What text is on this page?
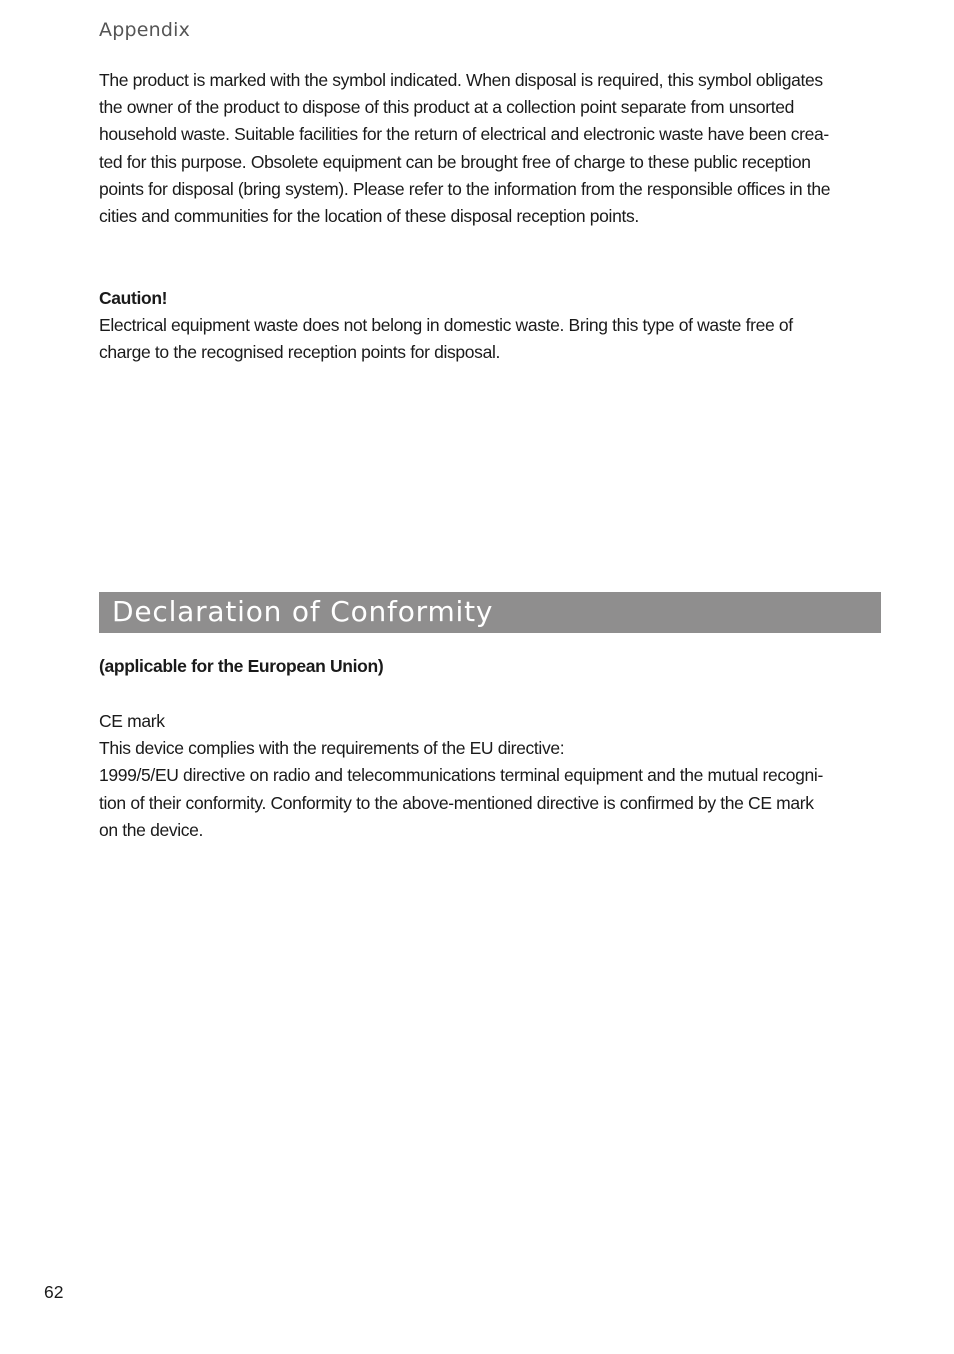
Appendix

The product is marked with the symbol indicated. When disposal is required, this symbol obligates
the owner of the product to dispose of this product at a collection point separate from unsorted
household waste. Suitable facilities for the return of electrical and electronic waste have been crea-
ted for this purpose. Obsolete equipment can be brought free of charge to these public reception
points for disposal (bring system). Please refer to the information from the responsible offices in the
cities and communities for the location of these disposal reception points.

Caution!

Electrical equipment waste does not belong in domestic waste. Bring this type of waste free of
charge to the recognised reception points for disposal.

Declaration of Conformity

(applicable for the European Union)

CE mark
This device complies with the requirements of the EU directive:
1999/5/EU directive on radio and telecommunications terminal equipment and the mutual recogni-
tion of their conformity. Conformity to the above-mentioned directive is confirmed by the CE mark
on the device.

62
